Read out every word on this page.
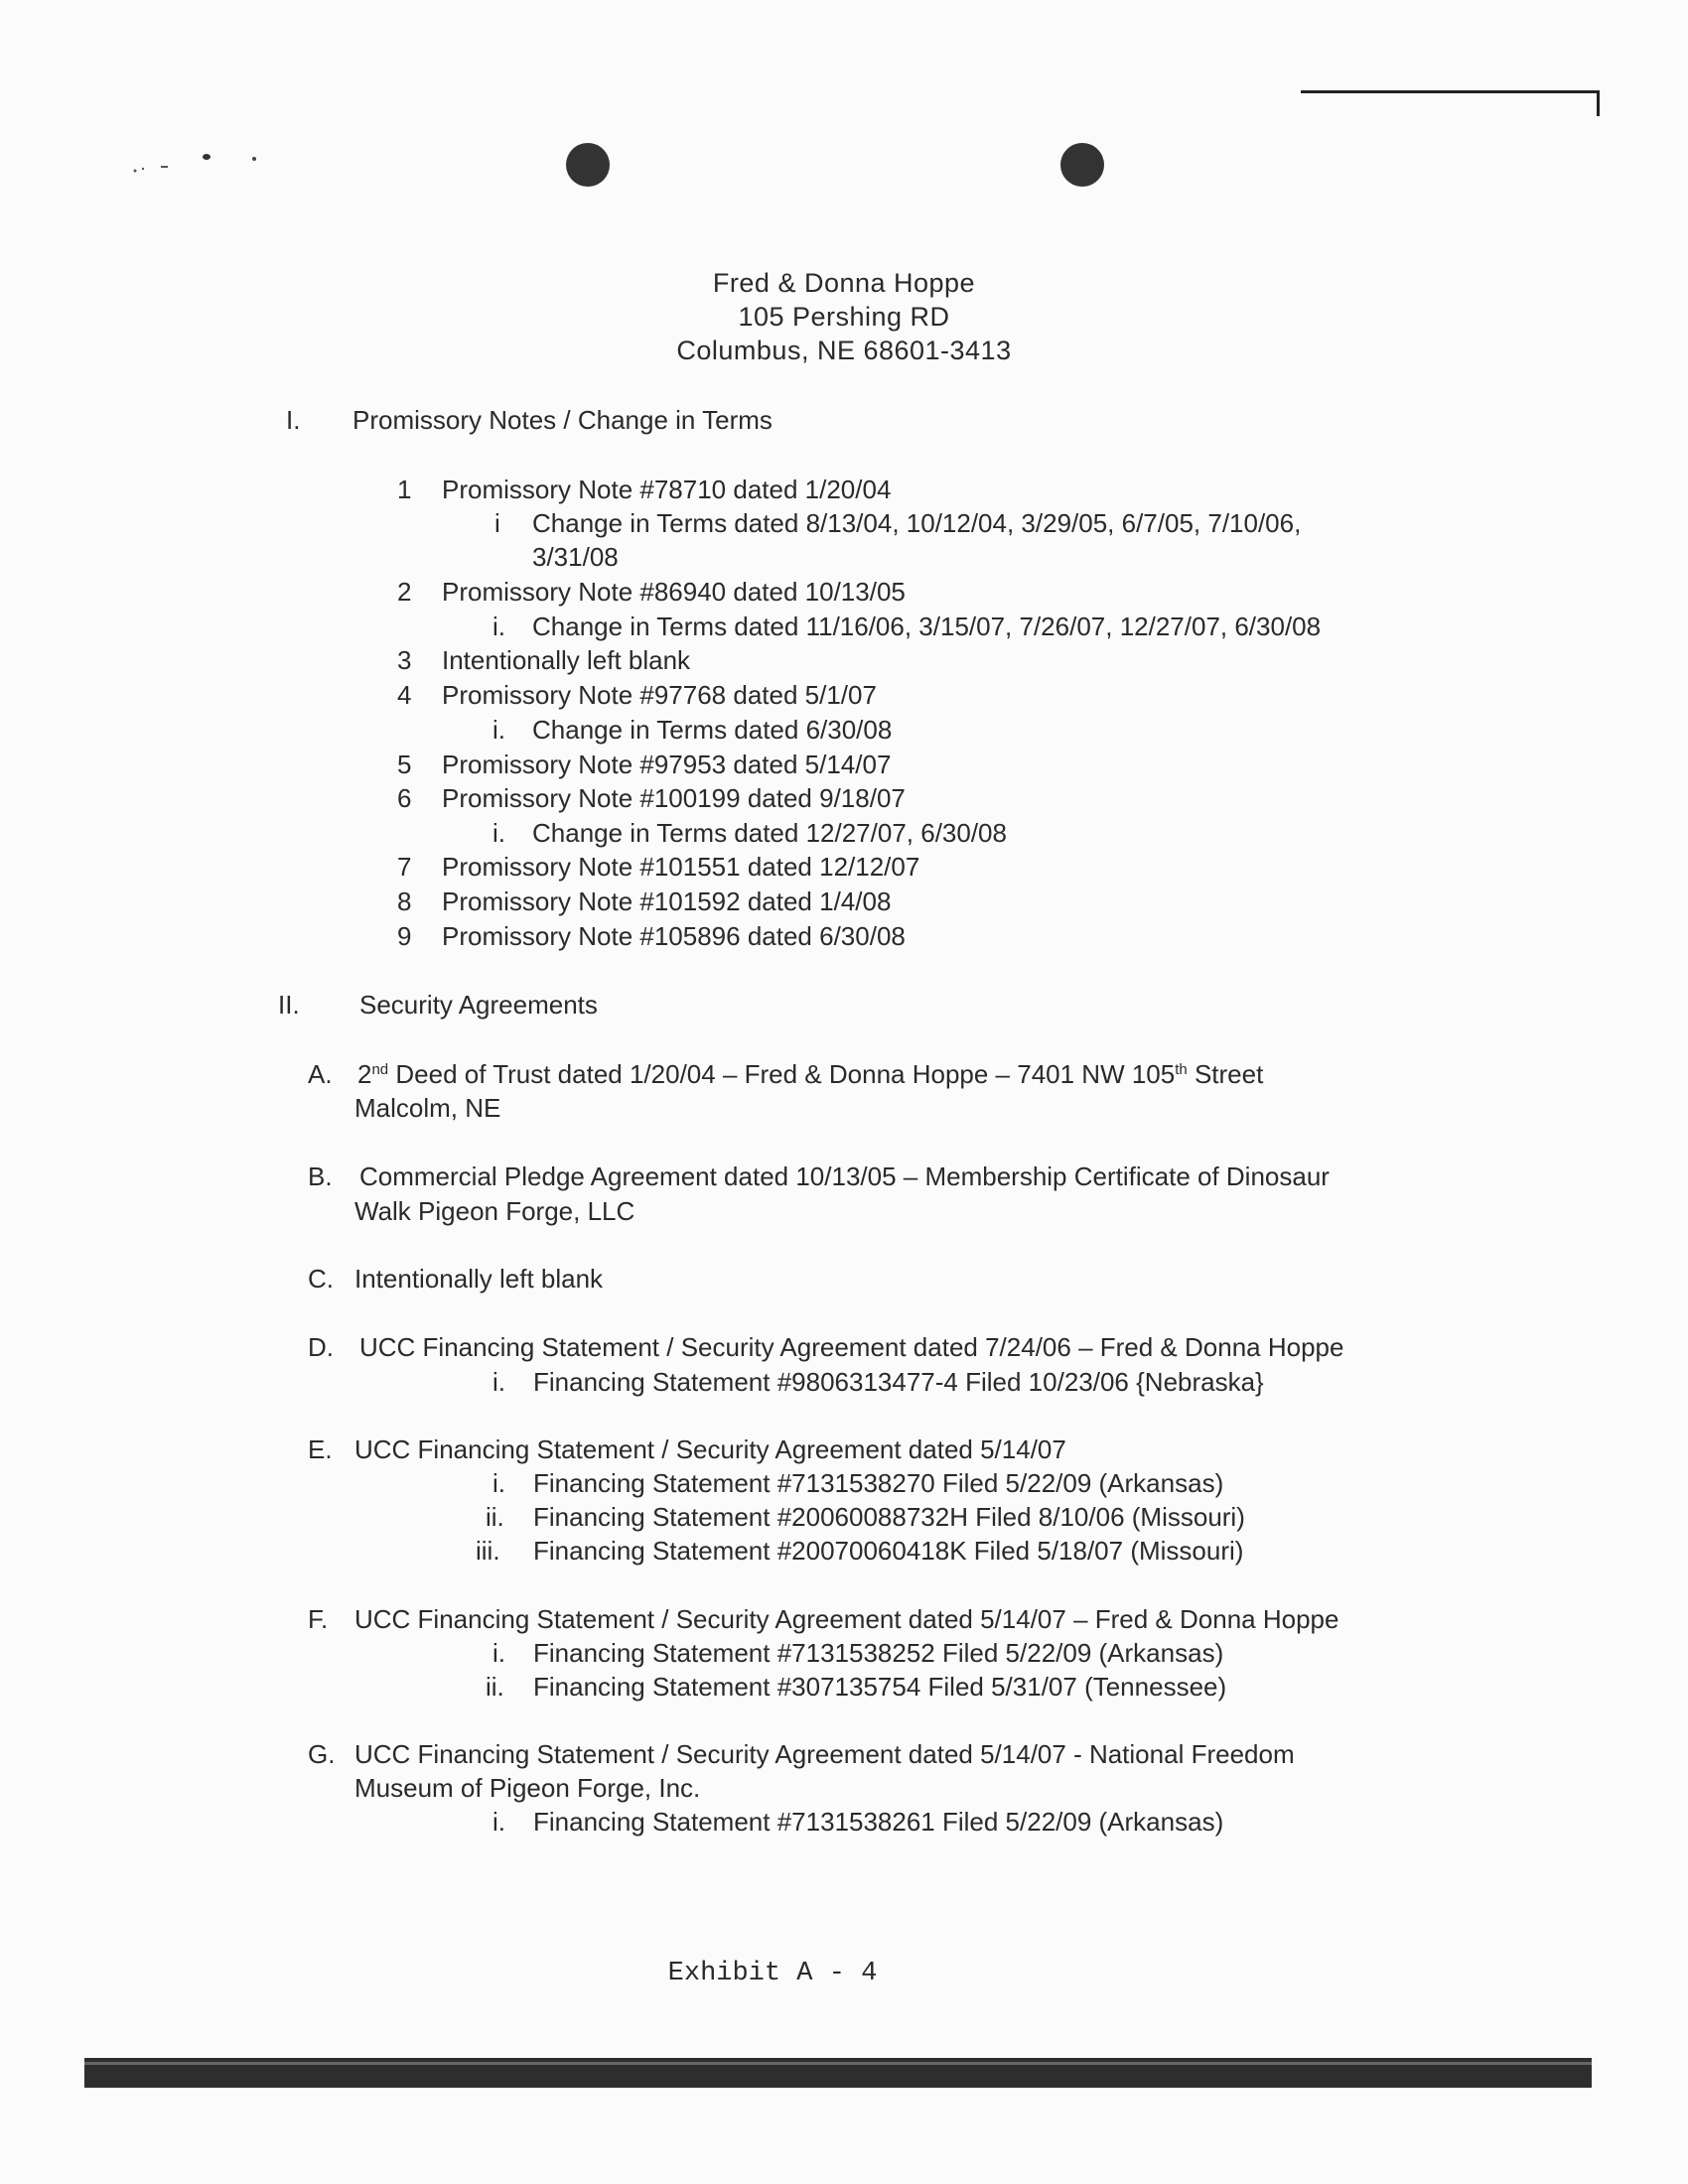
Fred & Donna Hoppe
105 Pershing RD
Columbus, NE 68601-3413
I. Promissory Notes / Change in Terms
1 Promissory Note #78710 dated 1/20/04
i Change in Terms dated 8/13/04, 10/12/04, 3/29/05, 6/7/05, 7/10/06,
3/31/08
2 Promissory Note #86940 dated 10/13/05
i. Change in Terms dated 11/16/06, 3/15/07, 7/26/07, 12/27/07, 6/30/08
3 Intentionally left blank
4 Promissory Note #97768 dated 5/1/07
i. Change in Terms dated 6/30/08
5 Promissory Note #97953 dated 5/14/07
6 Promissory Note #100199 dated 9/18/07
i. Change in Terms dated 12/27/07, 6/30/08
7 Promissory Note #101551 dated 12/12/07
8 Promissory Note #101592 dated 1/4/08
9 Promissory Note #105896 dated 6/30/08
II. Security Agreements
A. 2nd Deed of Trust dated 1/20/04 – Fred & Donna Hoppe – 7401 NW 105th Street
Malcolm, NE
B. Commercial Pledge Agreement dated 10/13/05 – Membership Certificate of Dinosaur
Walk Pigeon Forge, LLC
C. Intentionally left blank
D. UCC Financing Statement / Security Agreement dated 7/24/06 – Fred & Donna Hoppe
i. Financing Statement #9806313477-4 Filed 10/23/06 {Nebraska}
E. UCC Financing Statement / Security Agreement dated 5/14/07
i. Financing Statement #7131538270 Filed 5/22/09 (Arkansas)
ii. Financing Statement #20060088732H Filed 8/10/06 (Missouri)
iii. Financing Statement #20070060418K Filed 5/18/07 (Missouri)
F. UCC Financing Statement / Security Agreement dated 5/14/07 – Fred & Donna Hoppe
i. Financing Statement #7131538252 Filed 5/22/09 (Arkansas)
ii. Financing Statement #307135754 Filed 5/31/07 (Tennessee)
G. UCC Financing Statement / Security Agreement dated 5/14/07 - National Freedom
Museum of Pigeon Forge, Inc.
i. Financing Statement #7131538261 Filed 5/22/09 (Arkansas)
Exhibit A - 4
